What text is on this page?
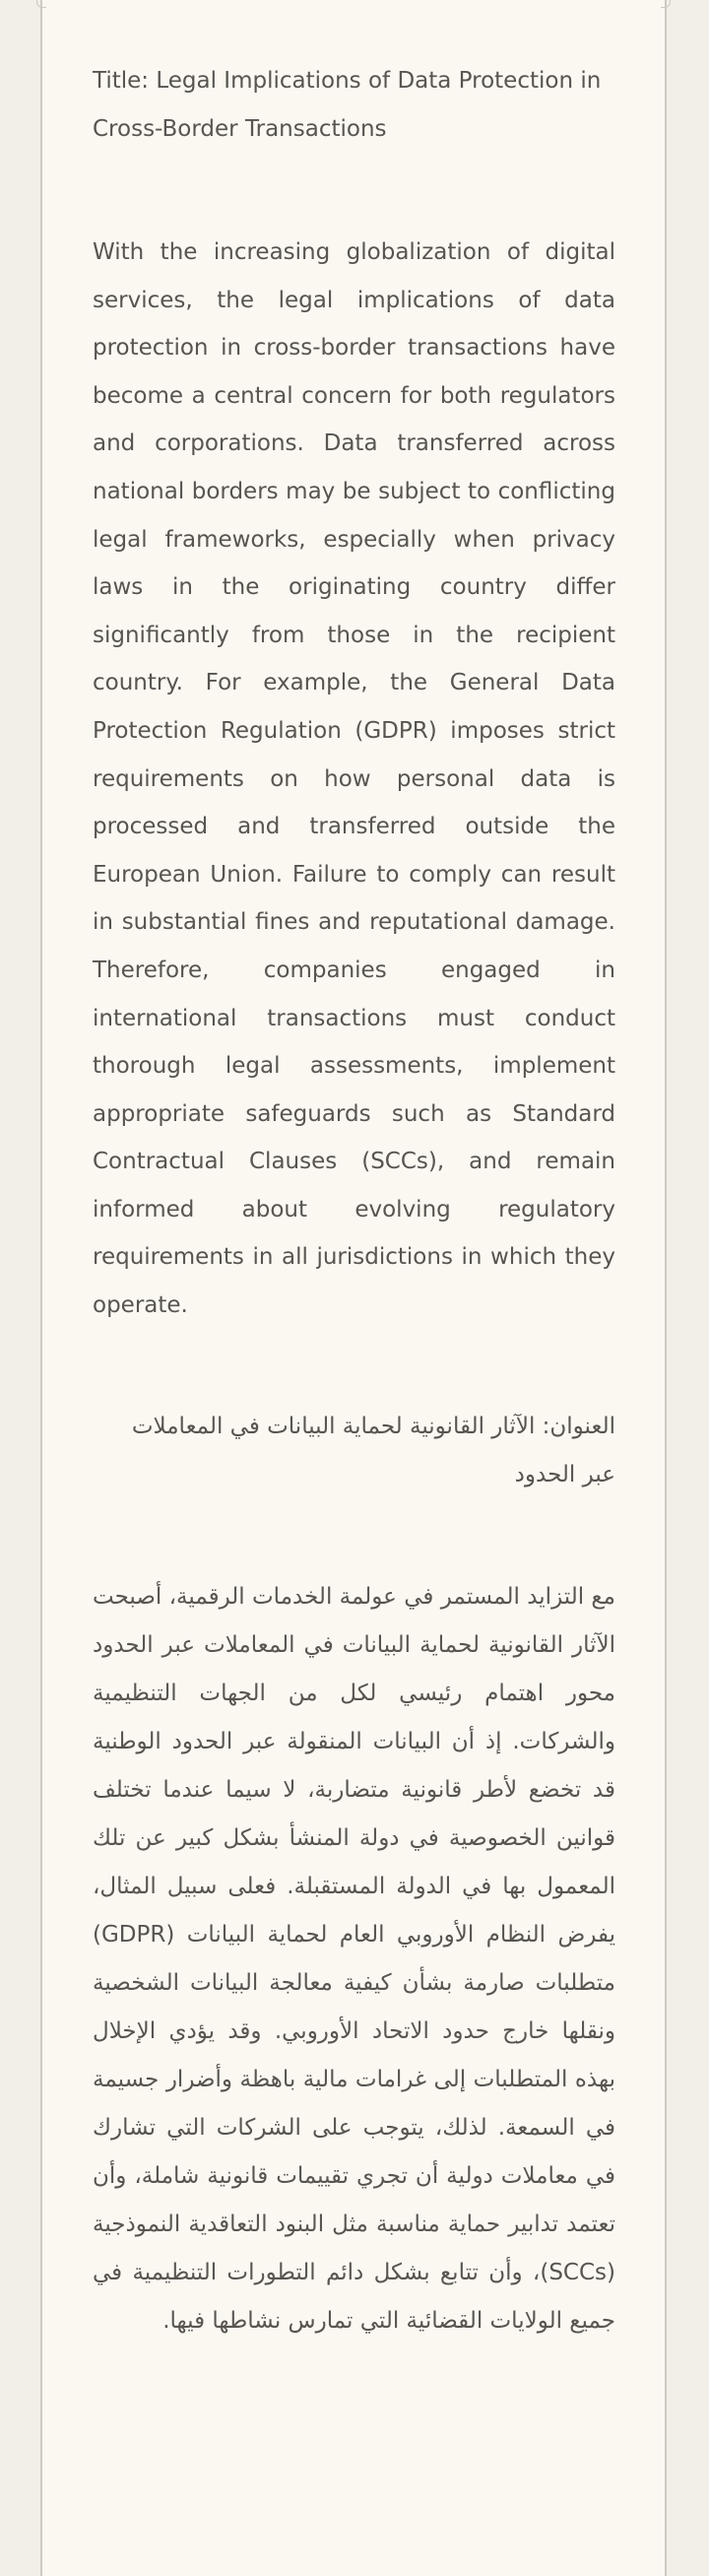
Title: Legal Implications of Data Protection in Cross-Border Transactions
With the increasing globalization of digital services, the legal implications of data protection in cross-border transactions have become a central concern for both regulators and corporations. Data transferred across national borders may be subject to conflicting legal frameworks, especially when privacy laws in the originating country differ significantly from those in the recipient country. For example, the General Data Protection Regulation (GDPR) imposes strict requirements on how personal data is processed and transferred outside the European Union. Failure to comply can result in substantial fines and reputational damage. Therefore, companies engaged in international transactions must conduct thorough legal assessments, implement appropriate safeguards such as Standard Contractual Clauses (SCCs), and remain informed about evolving regulatory requirements in all jurisdictions in which they operate.
العنوان: الآثار القانونية لحماية البيانات في المعاملات عبر الحدود
مع التزايد المستمر في عولمة الخدمات الرقمية، أصبحت الآثار القانونية لحماية البيانات في المعاملات عبر الحدود محور اهتمام رئيسي لكل من الجهات التنظيمية والشركات. إذ أن البيانات المنقولة عبر الحدود الوطنية قد تخضع لأطر قانونية متضاربة، لا سيما عندما تختلف قوانين الخصوصية في دولة المنشأ بشكل كبير عن تلك المعمول بها في الدولة المستقبلة. فعلى سبيل المثال، يفرض النظام الأوروبي العام لحماية البيانات (GDPR) متطلبات صارمة بشأن كيفية معالجة البيانات الشخصية ونقلها خارج حدود الاتحاد الأوروبي. وقد يؤدي الإخلال بهذه المتطلبات إلى غرامات مالية باهظة وأضرار جسيمة في السمعة. لذلك، يتوجب على الشركات التي تشارك في معاملات دولية أن تجري تقييمات قانونية شاملة، وأن تعتمد تدابير حماية مناسبة مثل البنود التعاقدية النموذجية (SCCs)، وأن تتابع بشكل دائم التطورات التنظيمية في جميع الولايات القضائية التي تمارس نشاطها فيها.
